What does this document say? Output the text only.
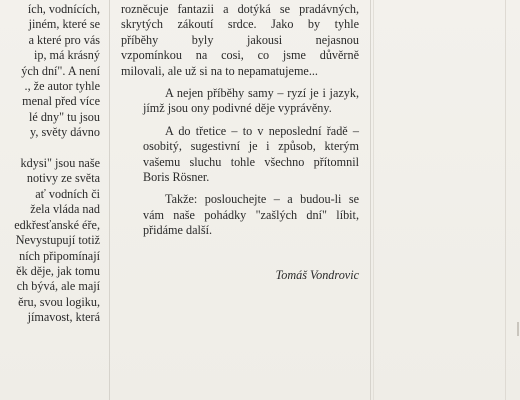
ích, vodnících,
jiném, které se
a které pro vás
ip, má krásný
ých dní". A není
., že autor tyhle
menal před více
lé dny" tu jsou
y, světy dávno

kdysi" jsou naše
notivy ze světa
ať vodních či
žela vláda nad
edkřesťanské éře,
Nevystupují totiž
ních připomínají
ěk děje, jak tomu
ch bývá, ale mají
ěru, svou logiku,
jímavost, která
rozněcuje fantazii a dotýká se pradávných,
skrytých zákoutí srdce. Jako by tyhle
příběhy byly jakousi nejasnou
vzpomínkou na cosi, co jsme důvěrně
milovali, ale už si na to nepamatujeme...
A nejen příběhy samy – ryzí je i jazyk,
jímž jsou ony podivné děje vyprávěny.
A do třetice – to v neposlední řadě –
osobitý, sugestivní je i způsob, kterým
vašemu sluchu tohle všechno přítomnil
Boris Rösner.
Takže: poslouchejte – a budou-li se
vám naše pohádky "zašlých dní" líbit,
přidáme další.
Tomáš Vondrovic
